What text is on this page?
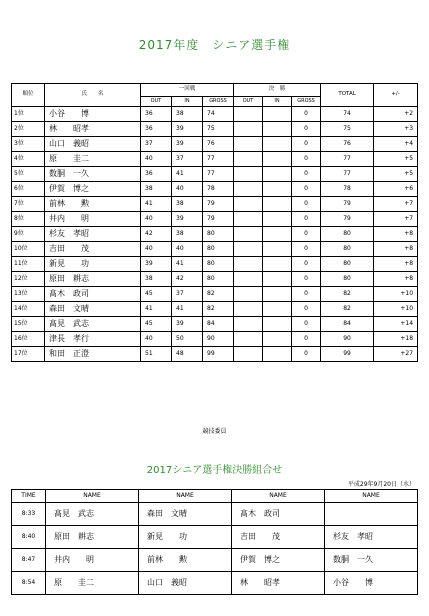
2017年度　シニア選手権
順位	氏　　名	一回戦			決　勝			TOTAL	+/-
		OUT	IN	GROSS	OUT	IN	GROSS		
1位	小谷　　博	36	38	74			0	74	+2
2位	林　　昭孝	36	39	75			0	75	+3
3位	山口　義昭	37	39	76			0	76	+4
4位	原　　圭二	40	37	77			0	77	+5
5位	数胴　一久	36	41	77			0	77	+5
6位	伊賀　博之	38	40	78			0	78	+6
7位	前林　　勲	41	38	79			0	79	+7
8位	井内　　明	40	39	79			0	79	+7
9位	杉友　孝昭	42	38	80			0	80	+8
10位	吉田　　茂	40	40	80			0	80	+8
11位	新見　　功	39	41	80			0	80	+8
12位	原田　耕志	38	42	80			0	80	+8
13位	髙木　政司	45	37	82			0	82	+10
14位	森田　文晴	41	41	82			0	82	+10
15位	髙見　武志	45	39	84			0	84	+14
16位	津長　孝行	40	50	90			0	90	+18
17位	和田　正澄	51	48	99			0	99	+27

競技委員

2017シニア選手権決勝組合せ

平成29年9月20日（水）

TIME	NAME	NAME	NAME	NAME
8:33	髙見　武志	森田　文晴	髙木　政司	
8:40	原田　耕志	新見　　功	吉田　　茂	杉友　孝昭
8:47	井内　　明	前林　　勲	伊賀　博之	数胴　一久
8:54	原　　圭二	山口　義昭	林　　昭孝	小谷　　博
